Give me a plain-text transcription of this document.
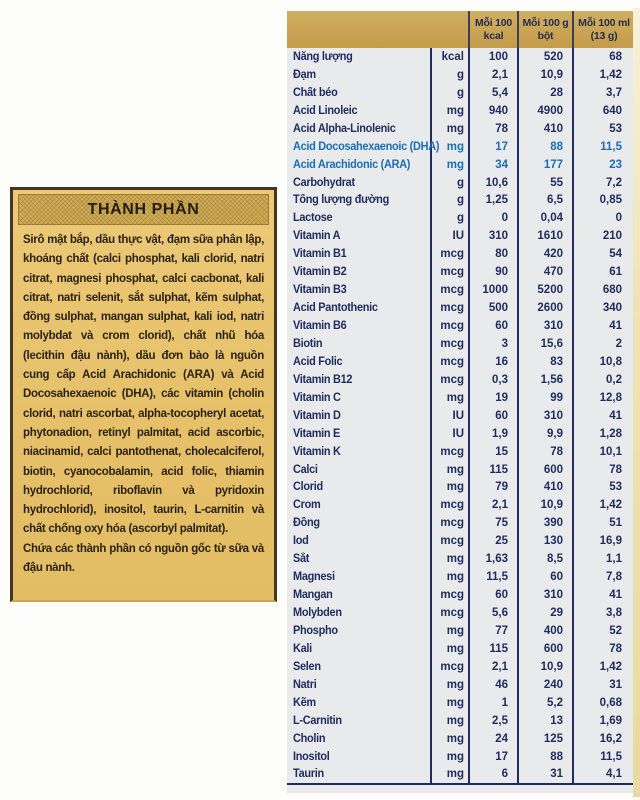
THÀNH PHẦN

Sirô mật bắp, dầu thực vật, đạm sữa phân lập, khoáng chất (calci phosphat, kali clorid, natri citrat, magnesi phosphat, calci cacbonat, kali citrat, natri selenit, sắt sulphat, kẽm sulphat, đồng sulphat, mangan sulphat, kali iod, natri molybdat và crom clorid), chất nhũ hóa (lecithin đậu nành), dầu đơn bào là nguồn cung cấp Acid Arachidonic (ARA) và Acid Docosahexaenoic (DHA), các vitamin (cholin clorid, natri ascorbat, alpha-tocopheryl acetat, phytonadion, retinyl palmitat, acid ascorbic, niacinamid, calci pantothenat, cholecalciferol, biotin, cyanocobalamin, acid folic, thiamin hydrochlorid, riboflavin và pyridoxin hydrochlorid), inositol, taurin, L-carnitin và chất chống oxy hóa (ascorbyl palmitat).

Chứa các thành phần có nguồn gốc từ sữa và đậu nành.

Mỗi 100 kcal
Mỗi 100 g bột
Mỗi 100 ml (13 g)
Năng lượng	kcal	100	520	68
Đạm	g	2,1	10,9	1,42
Chất béo	g	5,4	28	3,7
Acid Linoleic	mg	940	4900	640
Acid Alpha-Linolenic	mg	78	410	53
Acid Docosahexaenoic (DHA) mg	17	88	11,5
Acid Arachidonic (ARA)	mg	34	177	23
Carbohydrat	g	10,6	55	7,2
Tổng lượng đường	g	1,25	6,5	0,85
Lactose	g	0	0,04	0
Vitamin A	IU	310	1610	210
Vitamin B1	mcg	80	420	54
Vitamin B2	mcg	90	470	61
Vitamin B3	mcg	1000	5200	680
Acid Pantothenic	mcg	500	2600	340
Vitamin B6	mcg	60	310	41
Biotin	mcg	3	15,6	2
Acid Folic	mcg	16	83	10,8
Vitamin B12	mcg	0,3	1,56	0,2
Vitamin C	mg	19	99	12,8
Vitamin D	IU	60	310	41
Vitamin E	IU	1,9	9,9	1,28
Vitamin K	mcg	15	78	10,1
Calci	mg	115	600	78
Clorid	mg	79	410	53
Crom	mcg	2,1	10,9	1,42
Đồng	mcg	75	390	51
Iod	mcg	25	130	16,9
Sắt	mg	1,63	8,5	1,1
Magnesi	mg	11,5	60	7,8
Mangan	mcg	60	310	41
Molybden	mcg	5,6	29	3,8
Phospho	mg	77	400	52
Kali	mg	115	600	78
Selen	mcg	2,1	10,9	1,42
Natri	mg	46	240	31
Kẽm	mg	1	5,2	0,68
L-Carnitin	mg	2,5	13	1,69
Cholin	mg	24	125	16,2
Inositol	mg	17	88	11,5
Taurin	mg	6	31	4,1
